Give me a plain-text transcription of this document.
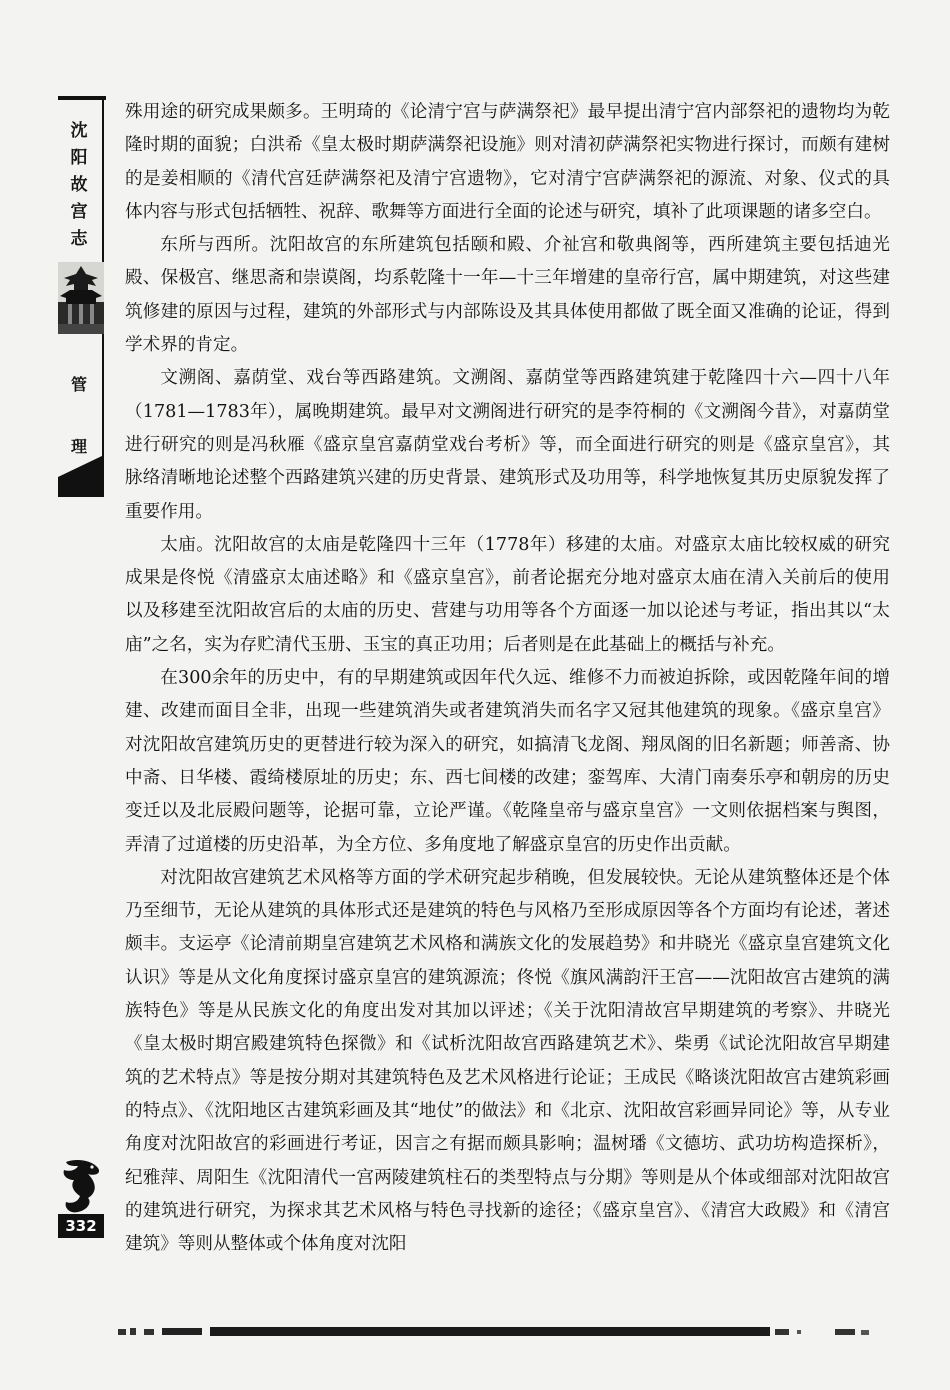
沈
阳
故
宫
志
管
理

殊用途的研究成果颇多。王明琦的《论清宁宫与萨满祭祀》最早提出清宁宫内部祭祀的遗物均为乾隆时期的面貌；白洪希《皇太极时期萨满祭祀设施》则对清初萨满祭祀实物进行探讨，而颇有建树的是姜相顺的《清代宫廷萨满祭祀及清宁宫遗物》，它对清宁宫萨满祭祀的源流、对象、仪式的具体内容与形式包括牺牲、祝辞、歌舞等方面进行全面的论述与研究，填补了此项课题的诸多空白。

东所与西所。沈阳故宫的东所建筑包括颐和殿、介祉宫和敬典阁等，西所建筑主要包括迪光殿、保极宫、继思斋和崇谟阁，均系乾隆十一年—十三年增建的皇帝行宫，属中期建筑，对这些建筑修建的原因与过程，建筑的外部形式与内部陈设及其具体使用都做了既全面又准确的论证，得到学术界的肯定。

文溯阁、嘉荫堂、戏台等西路建筑。文溯阁、嘉荫堂等西路建筑建于乾隆四十六—四十八年（1781—1783年），属晚期建筑。最早对文溯阁进行研究的是李符桐的《文溯阁今昔》，对嘉荫堂进行研究的则是冯秋雁《盛京皇宫嘉荫堂戏台考析》等，而全面进行研究的则是《盛京皇宫》，其脉络清晰地论述整个西路建筑兴建的历史背景、建筑形式及功用等，科学地恢复其历史原貌发挥了重要作用。

太庙。沈阳故宫的太庙是乾隆四十三年（1778年）移建的太庙。对盛京太庙比较权威的研究成果是佟悦《清盛京太庙述略》和《盛京皇宫》，前者论据充分地对盛京太庙在清入关前后的使用以及移建至沈阳故宫后的太庙的历史、营建与功用等各个方面逐一加以论述与考证，指出其以“太庙”之名，实为存贮清代玉册、玉宝的真正功用；后者则是在此基础上的概括与补充。

在300余年的历史中，有的早期建筑或因年代久远、维修不力而被迫拆除，或因乾隆年间的增建、改建而面目全非，出现一些建筑消失或者建筑消失而名字又冠其他建筑的现象。《盛京皇宫》对沈阳故宫建筑历史的更替进行较为深入的研究，如搞清飞龙阁、翔凤阁的旧名新题；师善斋、协中斋、日华楼、霞绮楼原址的历史；东、西七间楼的改建；銮驾库、大清门南奏乐亭和朝房的历史变迁以及北辰殿问题等，论据可靠，立论严谨。《乾隆皇帝与盛京皇宫》一文则依据档案与舆图，弄清了过道楼的历史沿革，为全方位、多角度地了解盛京皇宫的历史作出贡献。

对沈阳故宫建筑艺术风格等方面的学术研究起步稍晚，但发展较快。无论从建筑整体还是个体乃至细节，无论从建筑的具体形式还是建筑的特色与风格乃至形成原因等各个方面均有论述，著述颇丰。支运亭《论清前期皇宫建筑艺术风格和满族文化的发展趋势》和井晓光《盛京皇宫建筑文化认识》等是从文化角度探讨盛京皇宫的建筑源流；佟悦《旗风满韵汗王宫——沈阳故宫古建筑的满族特色》等是从民族文化的角度出发对其加以评述；《关于沈阳清故宫早期建筑的考察》、井晓光《皇太极时期宫殿建筑特色探微》和《试析沈阳故宫西路建筑艺术》、柴勇《试论沈阳故宫早期建筑的艺术特点》等是按分期对其建筑特色及艺术风格进行论证；王成民《略谈沈阳故宫古建筑彩画的特点》、《沈阳地区古建筑彩画及其“地仗”的做法》和《北京、沈阳故宫彩画异同论》等，从专业角度对沈阳故宫的彩画进行考证，因言之有据而颇具影响；温树璠《文德坊、武功坊构造探析》，纪雅萍、周阳生《沈阳清代一宫两陵建筑柱石的类型特点与分期》等则是从个体或细部对沈阳故宫的建筑进行研究，为探求其艺术风格与特色寻找新的途径；《盛京皇宫》、《清宫大政殿》和《清宫建筑》等则从整体或个体角度对沈阳

332
